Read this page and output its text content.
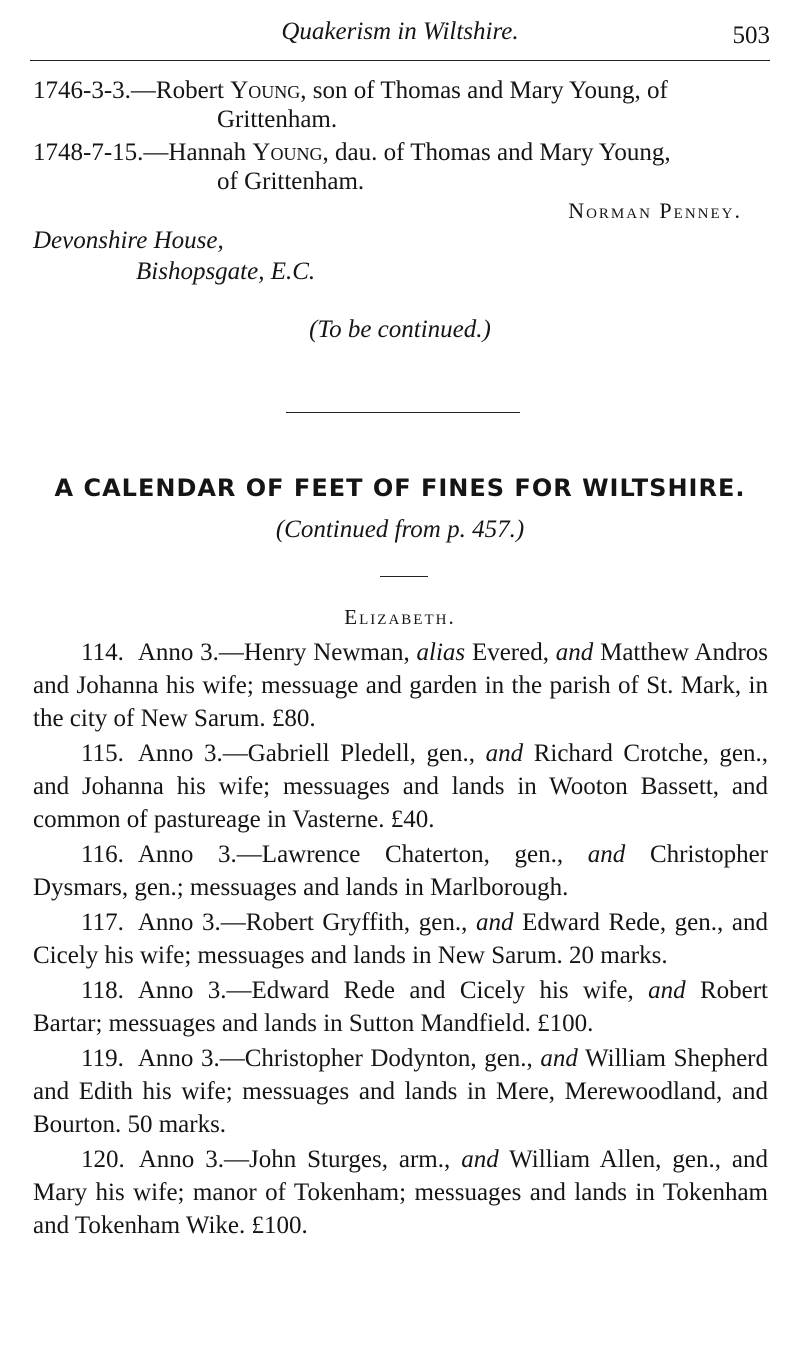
Quakerism in Wiltshire.	503
1746-3-3.—Robert Young, son of Thomas and Mary Young, of
Grittenham.
1748-7-15.—Hannah Young, dau. of Thomas and Mary Young,
of Grittenham.
Norman Penney.
Devonshire House,
Bishopsgate, E.C.
(To be continued.)
A CALENDAR OF FEET OF FINES FOR WILTSHIRE.
(Continued from p. 457.)
Elizabeth.

114. Anno 3.—Henry Newman, alias Evered, and Matthew Andros and Johanna his wife; messuage and garden in the parish of St. Mark, in the city of New Sarum. £80.

115. Anno 3.—Gabriell Pledell, gen., and Richard Crotche, gen., and Johanna his wife; messuages and lands in Wooton Bassett, and common of pastureage in Vasterne. £40.

116. Anno 3.—Lawrence Chaterton, gen., and Christopher Dysmars, gen.; messuages and lands in Marlborough.

117. Anno 3.—Robert Gryffith, gen., and Edward Rede, gen., and Cicely his wife; messuages and lands in New Sarum. 20 marks.

118. Anno 3.—Edward Rede and Cicely his wife, and Robert Bartar; messuages and lands in Sutton Mandfield. £100.

119. Anno 3.—Christopher Dodynton, gen., and William Shepherd and Edith his wife; messuages and lands in Mere, Merewoodland, and Bourton. 50 marks.

120. Anno 3.—John Sturges, arm., and William Allen, gen., and Mary his wife; manor of Tokenham; messuages and lands in Tokenham and Tokenham Wike. £100.
